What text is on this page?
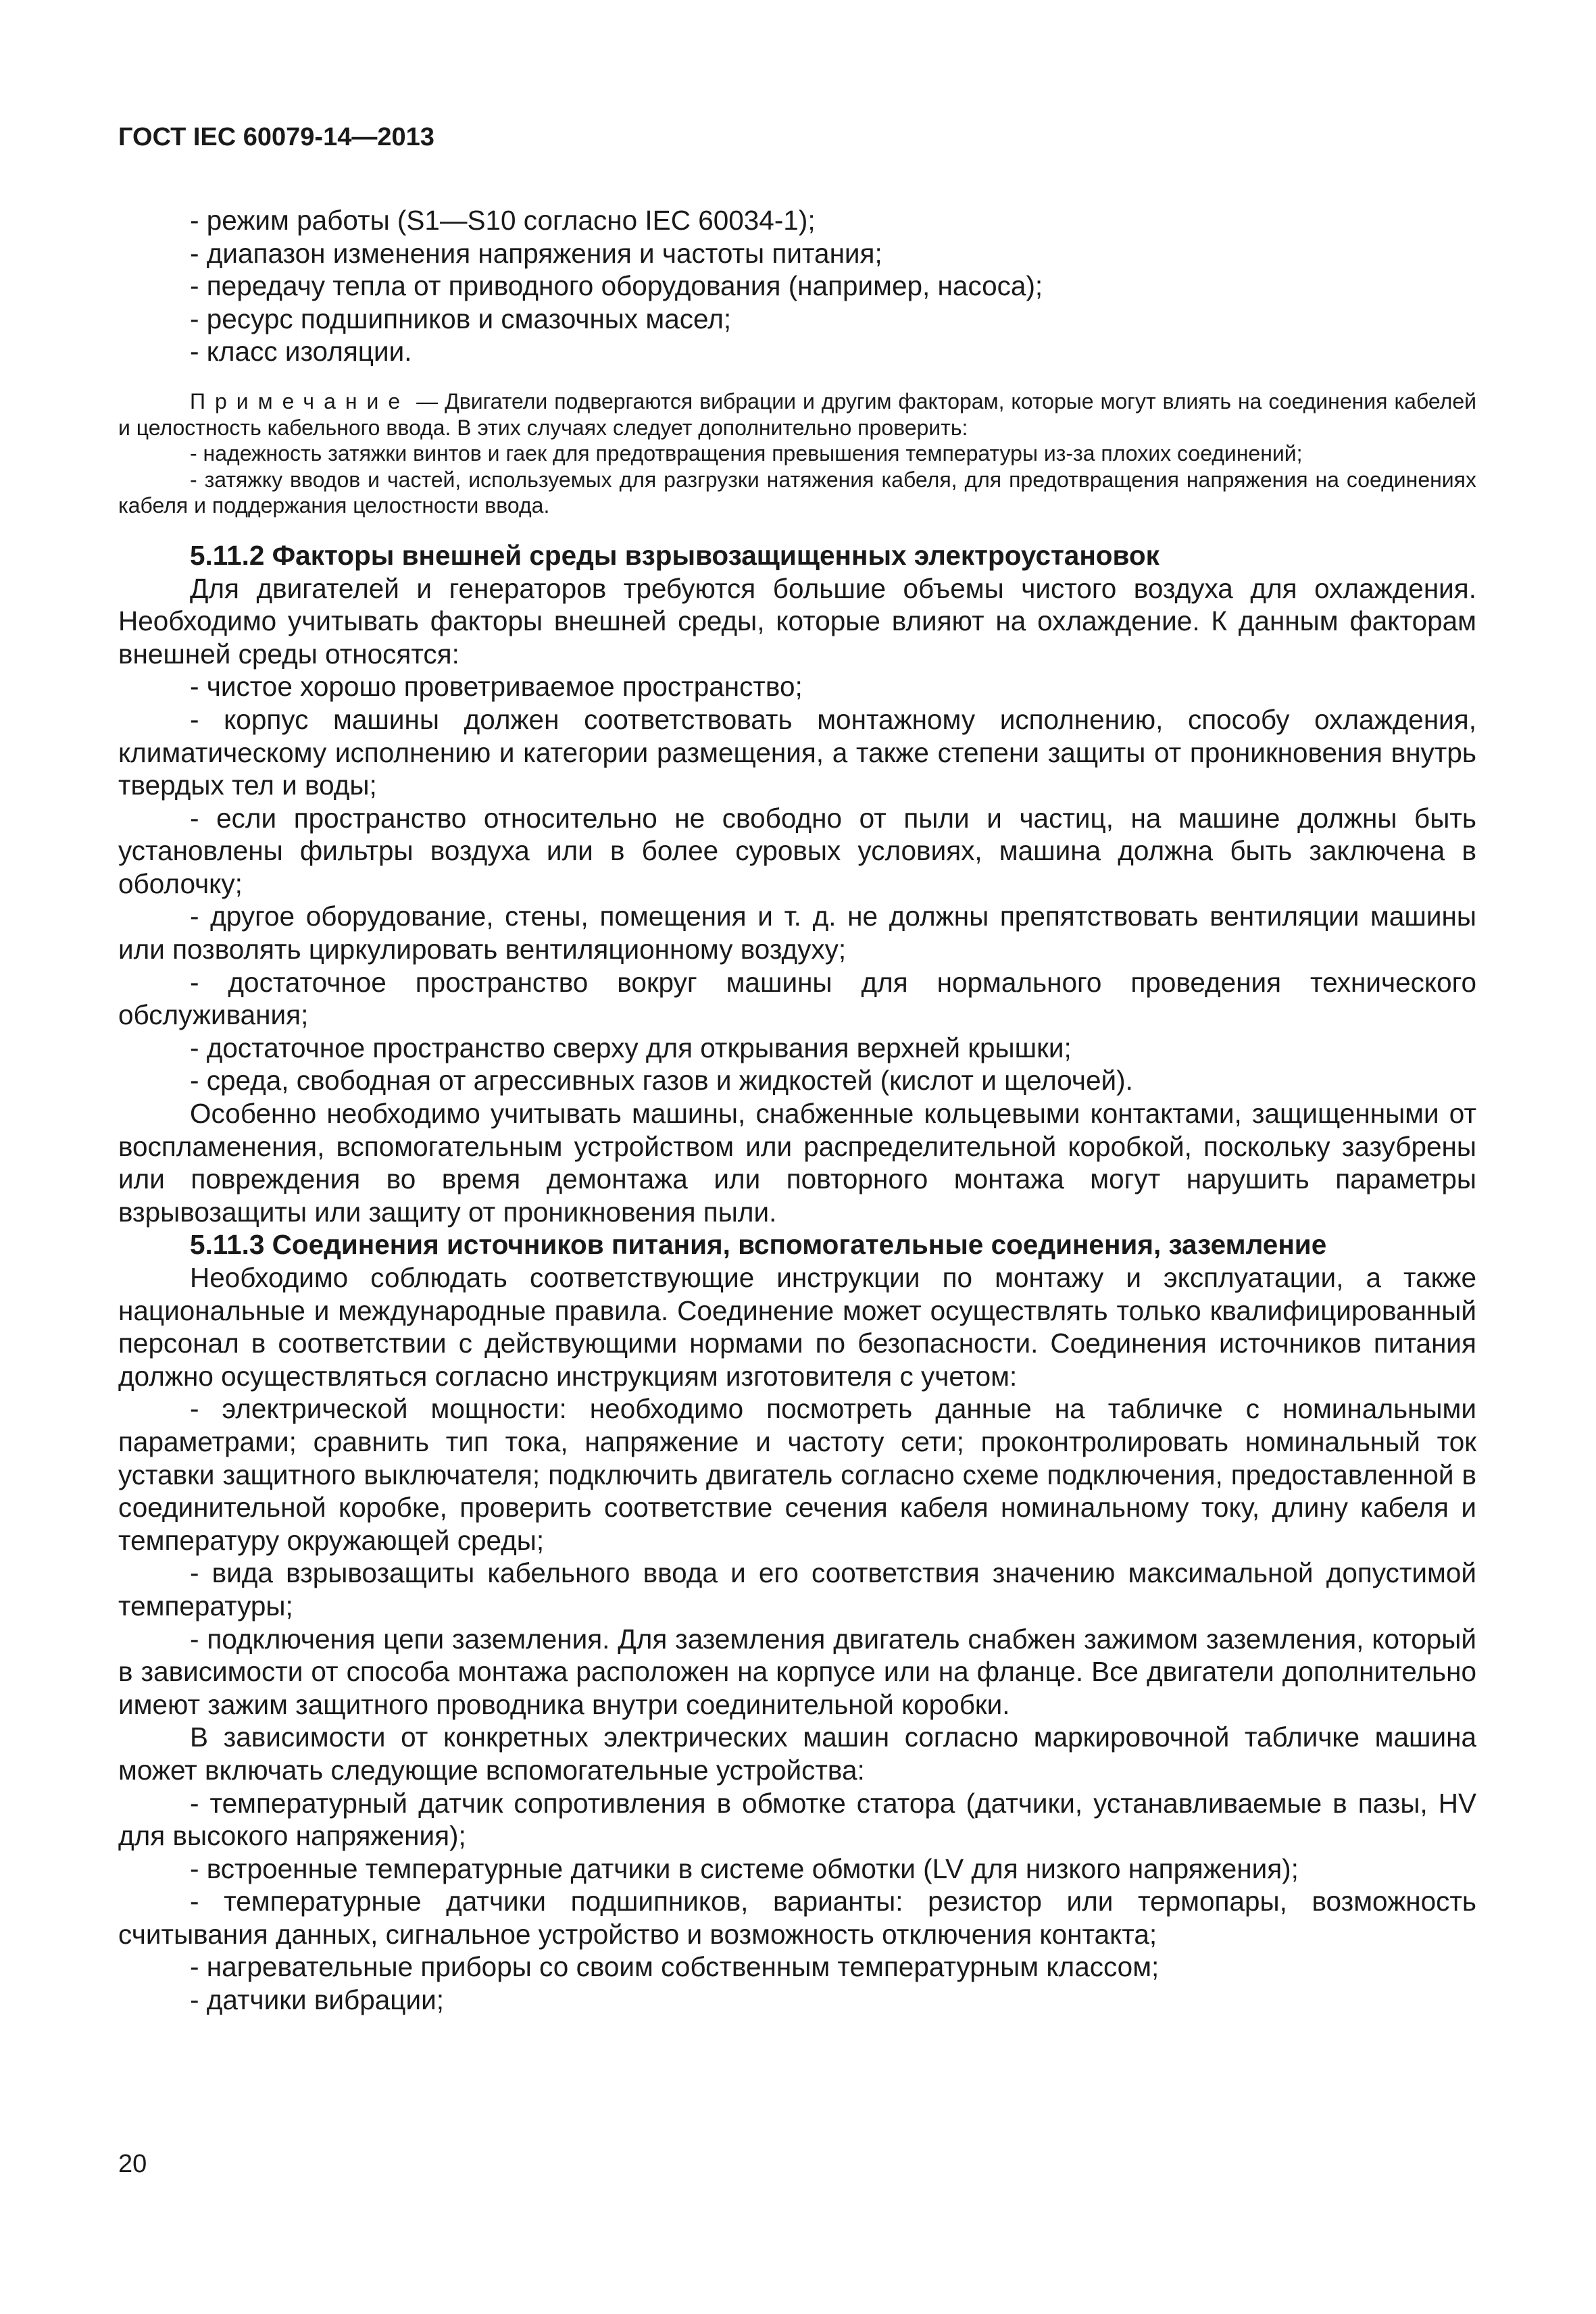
ГОСТ IEC 60079-14—2013

- режим работы (S1—S10 согласно IEC 60034-1);

- диапазон изменения напряжения и частоты питания;

- передачу тепла от приводного оборудования (например, насоса);

- ресурс подшипников и смазочных масел;

- класс изоляции.

Примечание — Двигатели подвергаются вибрации и другим факторам, которые могут влиять на соединения кабелей и целостность кабельного ввода. В этих случаях следует дополнительно проверить:

- надежность затяжки винтов и гаек для предотвращения превышения температуры из-за плохих соединений;

- затяжку вводов и частей, используемых для разгрузки натяжения кабеля, для предотвращения напряжения на соединениях кабеля и поддержания целостности ввода.

5.11.2 Факторы внешней среды взрывозащищенных электроустановок

Для двигателей и генераторов требуются большие объемы чистого воздуха для охлаждения. Необходимо учитывать факторы внешней среды, которые влияют на охлаждение. К данным факторам внешней среды относятся:

- чистое хорошо проветриваемое пространство;

- корпус машины должен соответствовать монтажному исполнению, способу охлаждения, климатическому исполнению и категории размещения, а также степени защиты от проникновения внутрь твердых тел и воды;

- если пространство относительно не свободно от пыли и частиц, на машине должны быть установлены фильтры воздуха или в более суровых условиях, машина должна быть заключена в оболочку;

- другое оборудование, стены, помещения и т. д. не должны препятствовать вентиляции машины или позволять циркулировать вентиляционному воздуху;

- достаточное пространство вокруг машины для нормального проведения технического обслуживания;

- достаточное пространство сверху для открывания верхней крышки;

- среда, свободная от агрессивных газов и жидкостей (кислот и щелочей).

Особенно необходимо учитывать машины, снабженные кольцевыми контактами, защищенными от воспламенения, вспомогательным устройством или распределительной коробкой, поскольку зазубрены или повреждения во время демонтажа или повторного монтажа могут нарушить параметры взрывозащиты или защиту от проникновения пыли.

5.11.3 Соединения источников питания, вспомогательные соединения, заземление

Необходимо соблюдать соответствующие инструкции по монтажу и эксплуатации, а также национальные и международные правила. Соединение может осуществлять только квалифицированный персонал в соответствии с действующими нормами по безопасности. Соединения источников питания должно осуществляться согласно инструкциям изготовителя с учетом:

- электрической мощности: необходимо посмотреть данные на табличке с номинальными параметрами; сравнить тип тока, напряжение и частоту сети; проконтролировать номинальный ток уставки защитного выключателя; подключить двигатель согласно схеме подключения, предоставленной в соединительной коробке, проверить соответствие сечения кабеля номинальному току, длину кабеля и температуру окружающей среды;

- вида взрывозащиты кабельного ввода и его соответствия значению максимальной допустимой температуры;

- подключения цепи заземления. Для заземления двигатель снабжен зажимом заземления, который в зависимости от способа монтажа расположен на корпусе или на фланце. Все двигатели дополнительно имеют зажим защитного проводника внутри соединительной коробки.

В зависимости от конкретных электрических машин согласно маркировочной табличке машина может включать следующие вспомогательные устройства:

- температурный датчик сопротивления в обмотке статора (датчики, устанавливаемые в пазы, HV для высокого напряжения);

- встроенные температурные датчики в системе обмотки (LV для низкого напряжения);

- температурные датчики подшипников, варианты: резистор или термопары, возможность считывания данных, сигнальное устройство и возможность отключения контакта;

- нагревательные приборы со своим собственным температурным классом;

- датчики вибрации;

20
